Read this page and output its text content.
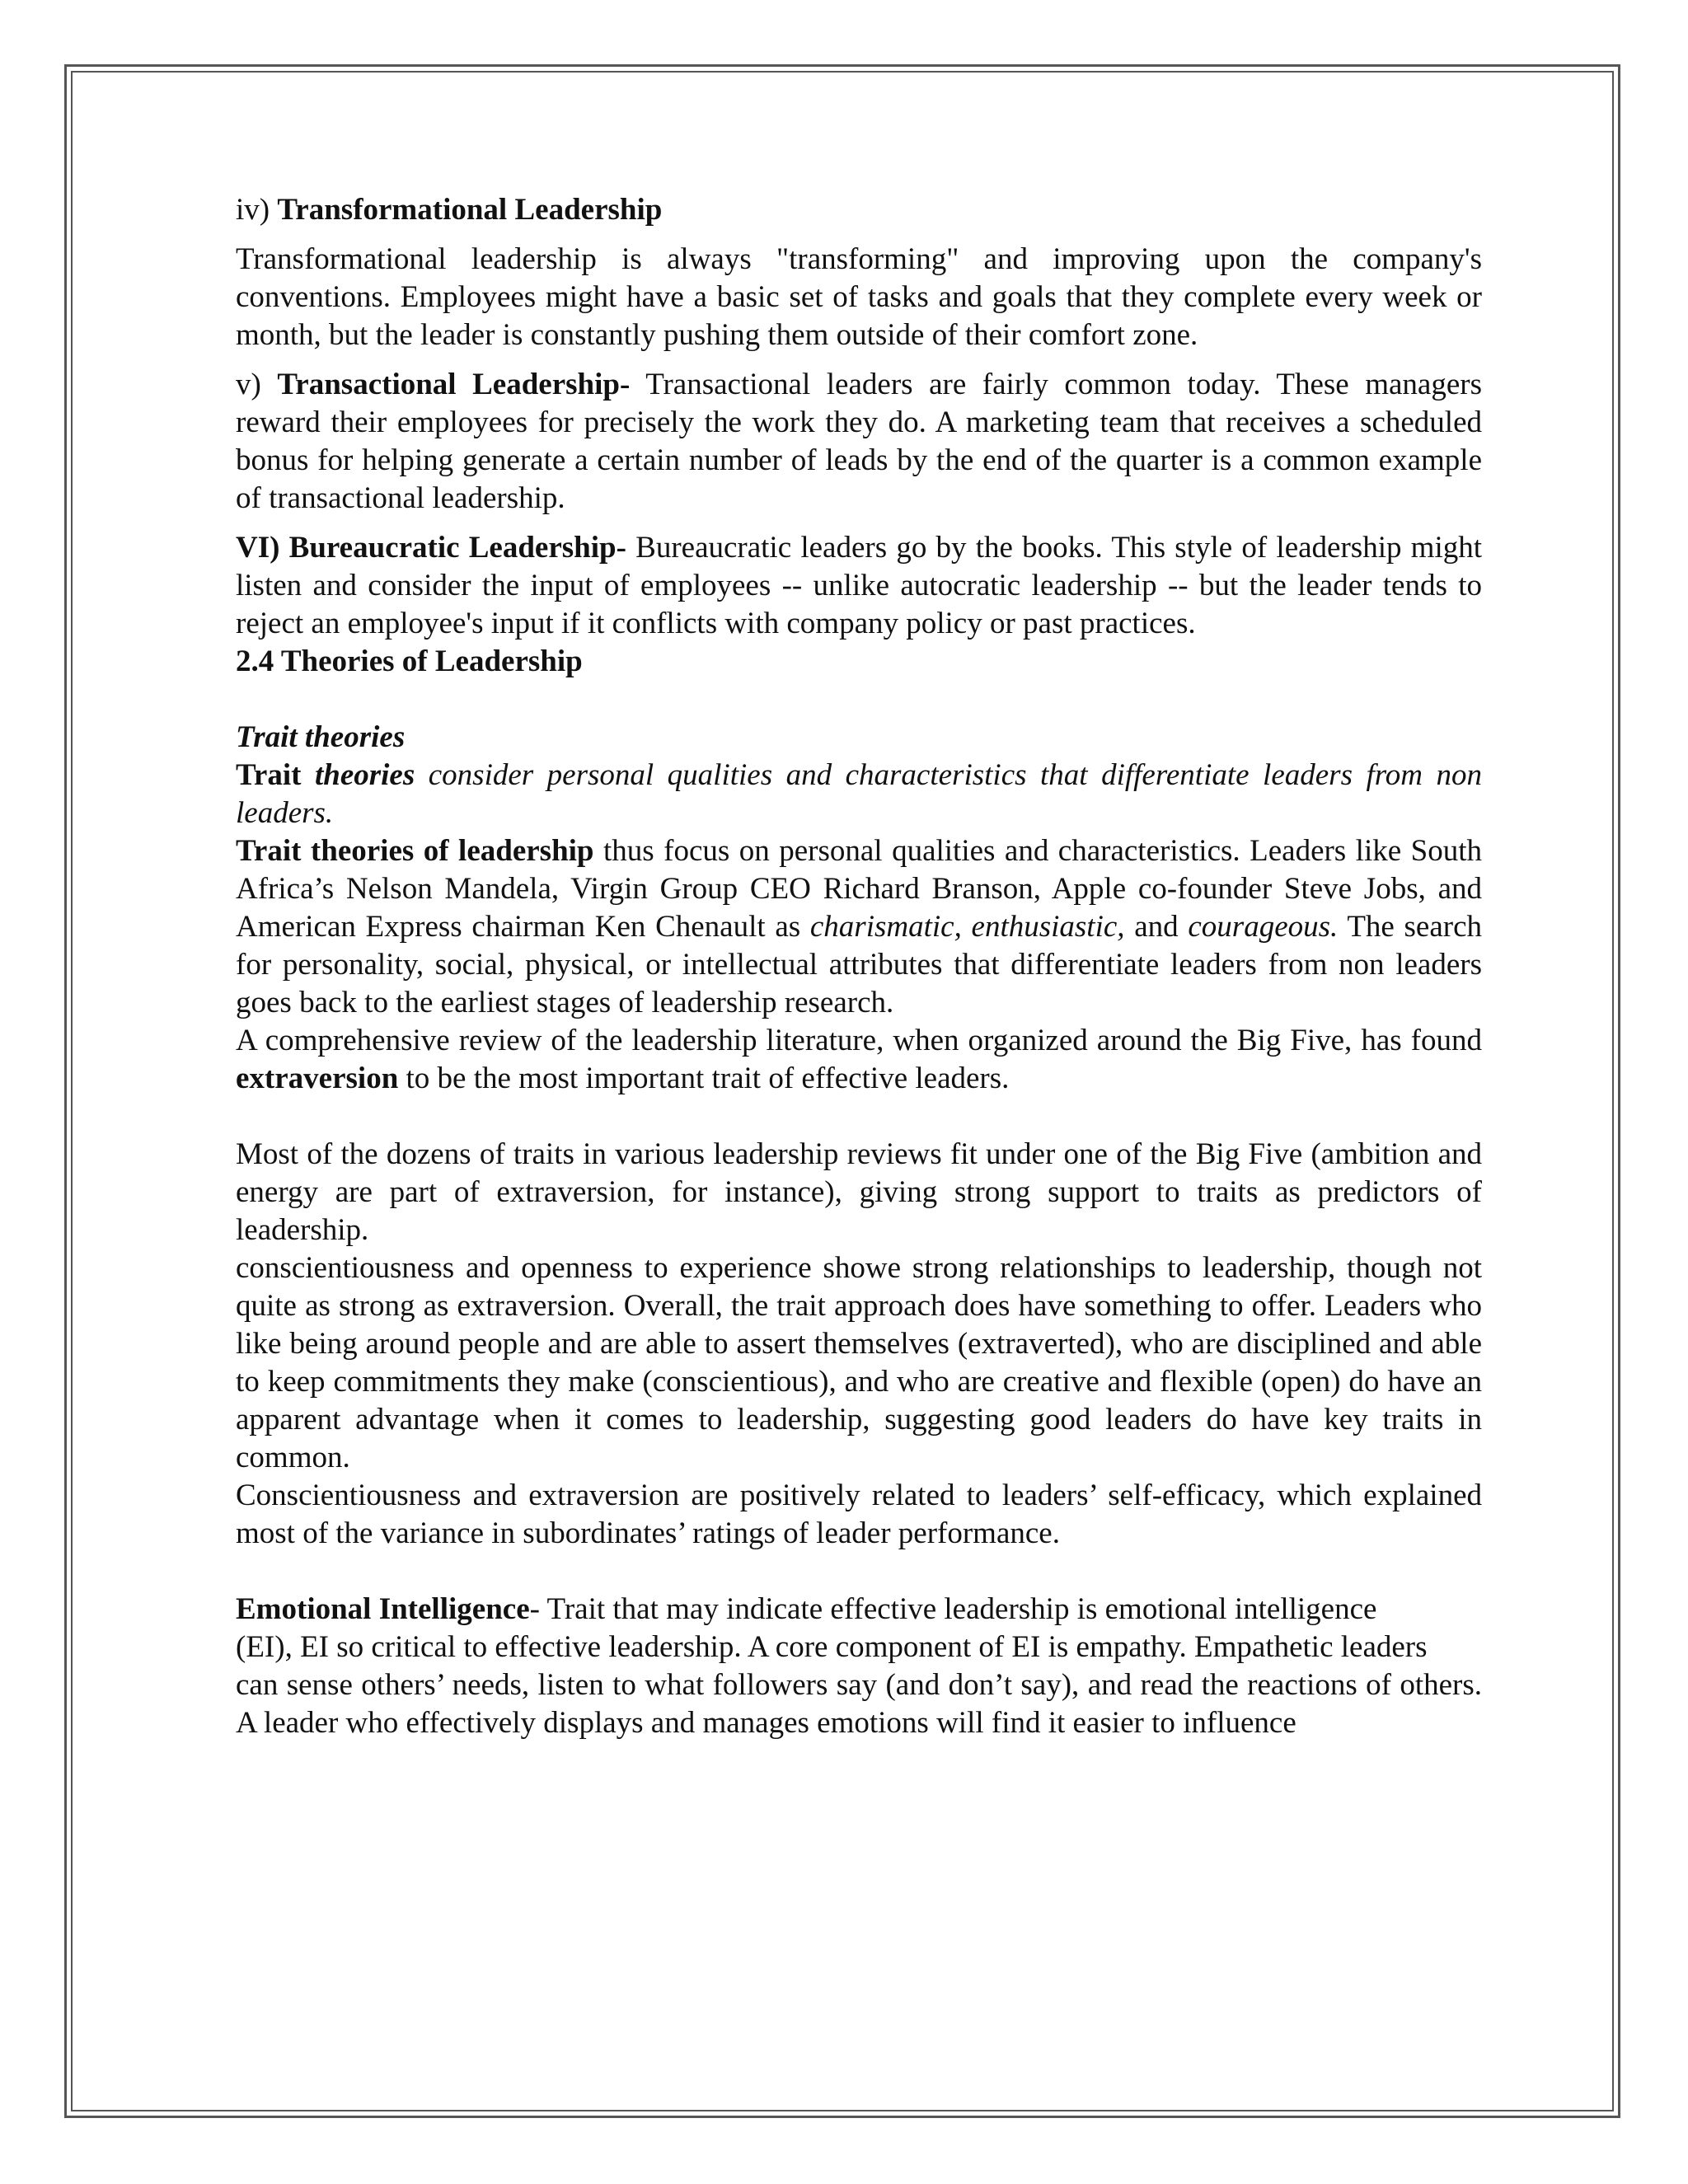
iv) Transformational Leadership

Transformational leadership is always "transforming" and improving upon the company's conventions. Employees might have a basic set of tasks and goals that they complete every week or month, but the leader is constantly pushing them outside of their comfort zone.

v) Transactional Leadership- Transactional leaders are fairly common today. These managers reward their employees for precisely the work they do. A marketing team that receives a scheduled bonus for helping generate a certain number of leads by the end of the quarter is a common example of transactional leadership.

VI) Bureaucratic Leadership- Bureaucratic leaders go by the books. This style of leadership might listen and consider the input of employees -- unlike autocratic leadership -- but the leader tends to reject an employee's input if it conflicts with company policy or past practices.

2.4 Theories of Leadership

Trait theories

Trait theories consider personal qualities and characteristics that differentiate leaders from non leaders.

Trait theories of leadership thus focus on personal qualities and characteristics. Leaders like South Africa’s Nelson Mandela, Virgin Group CEO Richard Branson, Apple co-founder Steve Jobs, and American Express chairman Ken Chenault as charismatic, enthusiastic, and courageous. The search for personality, social, physical, or intellectual attributes that differentiate leaders from non leaders goes back to the earliest stages of leadership research.

A comprehensive review of the leadership literature, when organized around the Big Five, has found extraversion to be the most important trait of effective leaders.

Most of the dozens of traits in various leadership reviews fit under one of the Big Five (ambition and energy are part of extraversion, for instance), giving strong support to traits as predictors of leadership.

conscientiousness and openness to experience showe strong relationships to leadership, though not quite as strong as extraversion. Overall, the trait approach does have something to offer. Leaders who like being around people and are able to assert themselves (extraverted), who are disciplined and able to keep commitments they make (conscientious), and who are creative and flexible (open) do have an apparent advantage when it comes to leadership, suggesting good leaders do have key traits in common.

Conscientiousness and extraversion are positively related to leaders’ self-efficacy, which explained most of the variance in subordinates’ ratings of leader performance.

Emotional Intelligence- Trait that may indicate effective leadership is emotional intelligence

(EI), EI so critical to effective leadership. A core component of EI is empathy. Empathetic leaders

can sense others’ needs, listen to what followers say (and don’t say), and read the reactions of others. A leader who effectively displays and manages emotions will find it easier to influence
